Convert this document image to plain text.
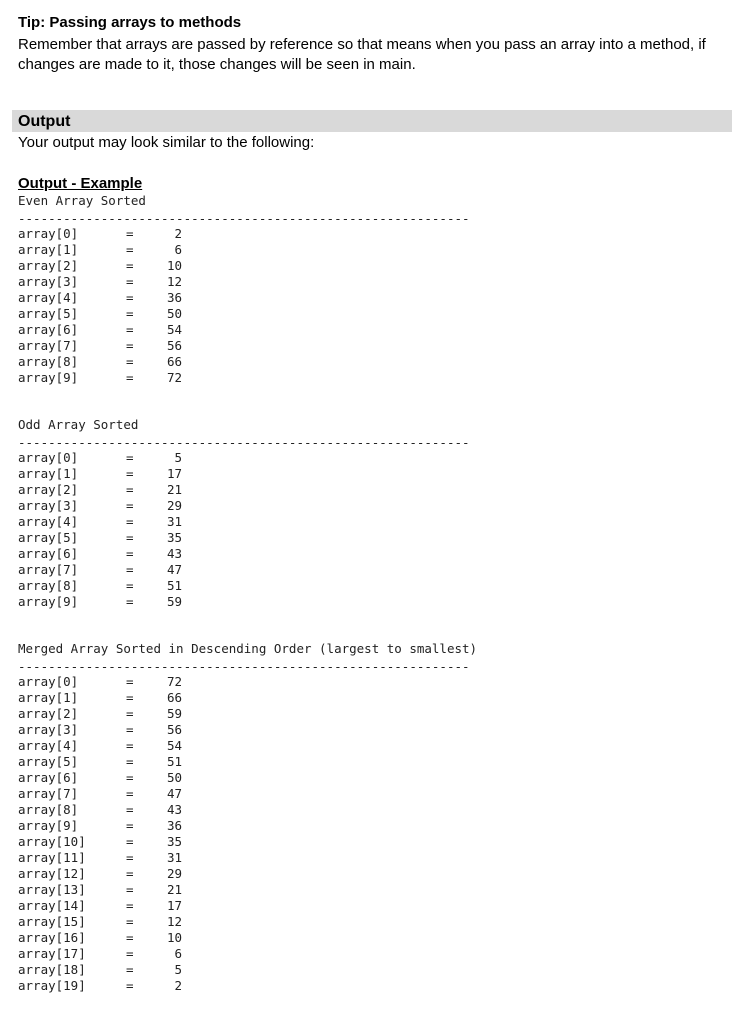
Tip: Passing arrays to methods
Remember that arrays are passed by reference so that means when you pass an array into a method, if changes are made to it, those changes will be seen in main.
Output
Your output may look similar to the following:
Output - Example
Even Array Sorted
------------------------------------------------------------
array[0]	=	2
array[1]	=	6
array[2]	=	10
array[3]	=	12
array[4]	=	36
array[5]	=	50
array[6]	=	54
array[7]	=	56
array[8]	=	66
array[9]	=	72
Odd Array Sorted
------------------------------------------------------------
array[0]	=	5
array[1]	=	17
array[2]	=	21
array[3]	=	29
array[4]	=	31
array[5]	=	35
array[6]	=	43
array[7]	=	47
array[8]	=	51
array[9]	=	59
Merged Array Sorted in Descending Order (largest to smallest)
------------------------------------------------------------
array[0]	=	72
array[1]	=	66
array[2]	=	59
array[3]	=	56
array[4]	=	54
array[5]	=	51
array[6]	=	50
array[7]	=	47
array[8]	=	43
array[9]	=	36
array[10]	=	35
array[11]	=	31
array[12]	=	29
array[13]	=	21
array[14]	=	17
array[15]	=	12
array[16]	=	10
array[17]	=	6
array[18]	=	5
array[19]	=	2
